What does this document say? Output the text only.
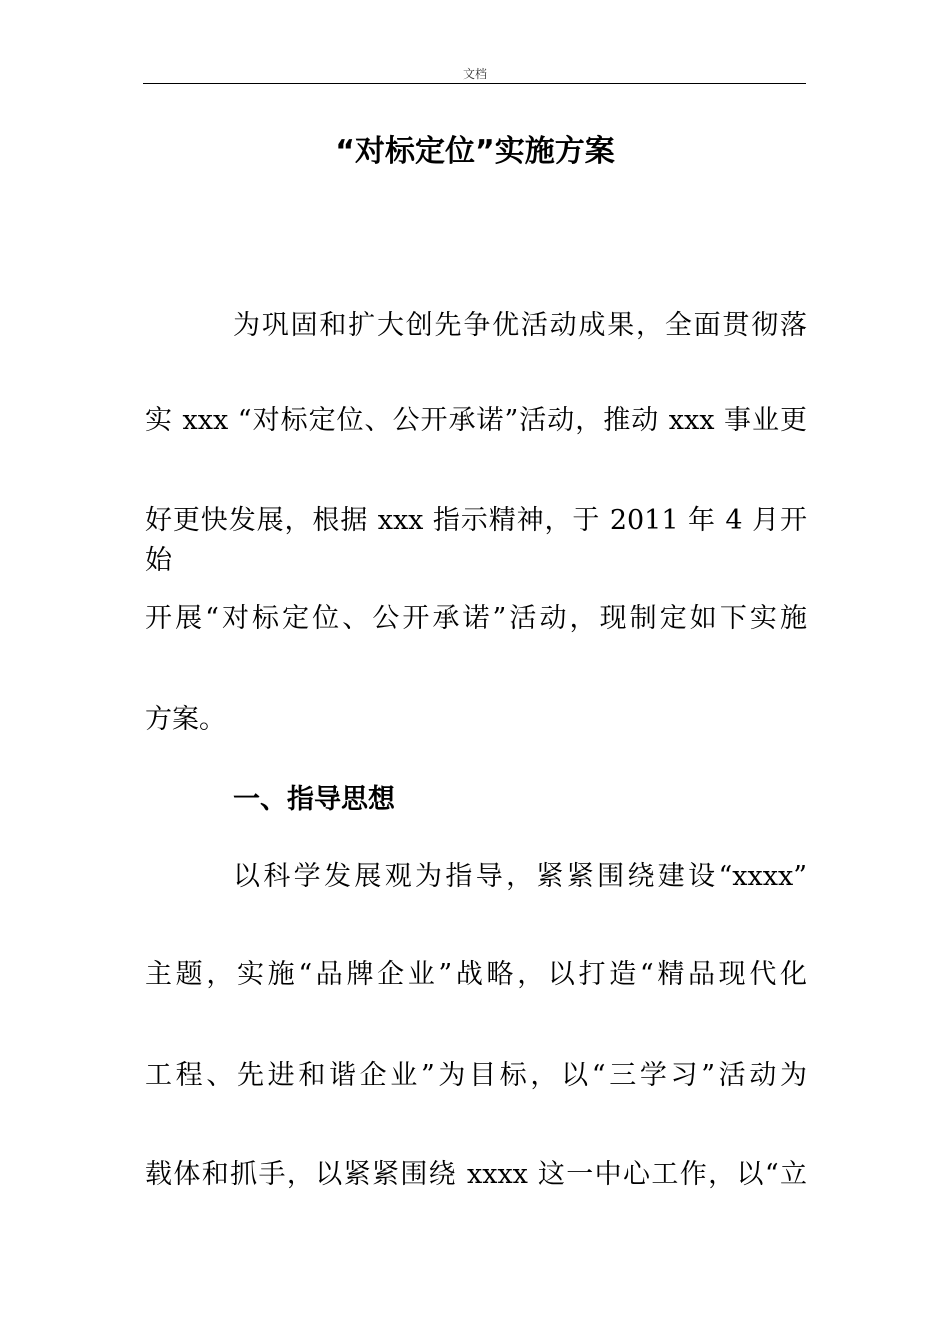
文档
“对标定位”实施方案
为巩固和扩大创先争优活动成果，全面贯彻落
实 xxx “对标定位、公开承诺”活动，推动 xxx 事业更
好更快发展，根据 xxx 指示精神，于 2011 年 4 月开始
开展“对标定位、公开承诺”活动，现制定如下实施
方案。
一、指导思想
以科学发展观为指导，紧紧围绕建设“xxxx”
主题，实施“品牌企业”战略，以打造“精品现代化
工程、先进和谐企业”为目标，以“三学习”活动为
载体和抓手，以紧紧围绕 xxxx 这一中心工作，以“立
